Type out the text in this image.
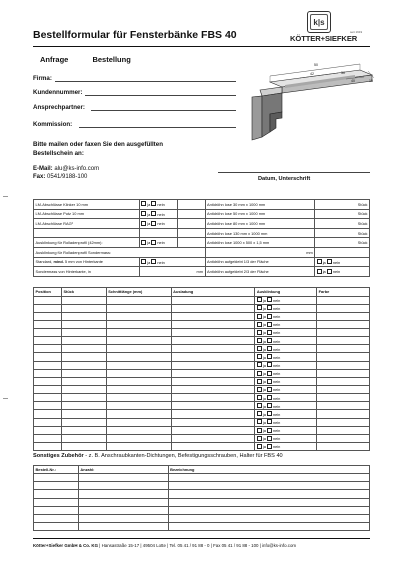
Bestellformular für Fensterbänke FBS 40
k|s
seit 1919
KÖTTER+SIEFKER
Anfrage	Bestellung
Firma:
Kundennummer:
Ansprechpartner:
Kommission:
50
42	30
40	15
Bitte mailen oder faxen Sie den ausgefüllten Bestellschein an:
E-Mail: alu@ks-info.com
Fax: 0541/9188-100	Datum, Unterschrift
LM-Abschlüsse Klinker 10 mm	ja nein		Antidröhn lose 30 mm x 1000 mm	Stück
LM-Abschlüsse Putz 10 mm	ja nein		Antidröhn lose 50 mm x 1000 mm	Stück
LM-Abschlüsse RAG²	ja nein		Antidröhn lose 80 mm x 1000 mm	Stück
			Antidröhn lose 130 mm x 1000 mm	Stück
Ausklinkung für Rolladenprofil (42mm):	ja nein		Antidröhn lose 1000 x 500 x 1,5 mm	Stück
Ausklinkung für Rolladenprofil Sondermass:			mm	
Standard, mind. 5 mm von Hinterkante	ja nein		Antidröhn aufgeklebt 1/3 der Fläche	ja nein
Sondermass von Hinterkante, in	mm		Antidröhn aufgeklebt 2/3 der Fläche	ja nein
Position	Stück	Schnittlänge (mm)	Ausladung	Ausklinkung	Farbe
				ja nein	
				ja nein	
				ja nein	
				ja nein	
				ja nein	
				ja nein	
				ja nein	
				ja nein	
				ja nein	
				ja nein	
				ja nein	
				ja nein	
				ja nein	
				ja nein	
				ja nein	
				ja nein	
				ja nein	
				ja nein	
				ja nein	
Sonstiges Zubehör - z. B. Anschraubkanten-Dichtungen, Befestigungsschrauben, Halter für FBS 40
Bestell-Nr.:	Anzahl:	Bezeichnung

Kötter+Siefker GmbH & Co. KG | Hansastraße 15-17 | 49504 Lotte | Tel. 05 41 / 91 88 - 0 | Fax 05 41 / 91 88 - 100 | info@ks-info.com
